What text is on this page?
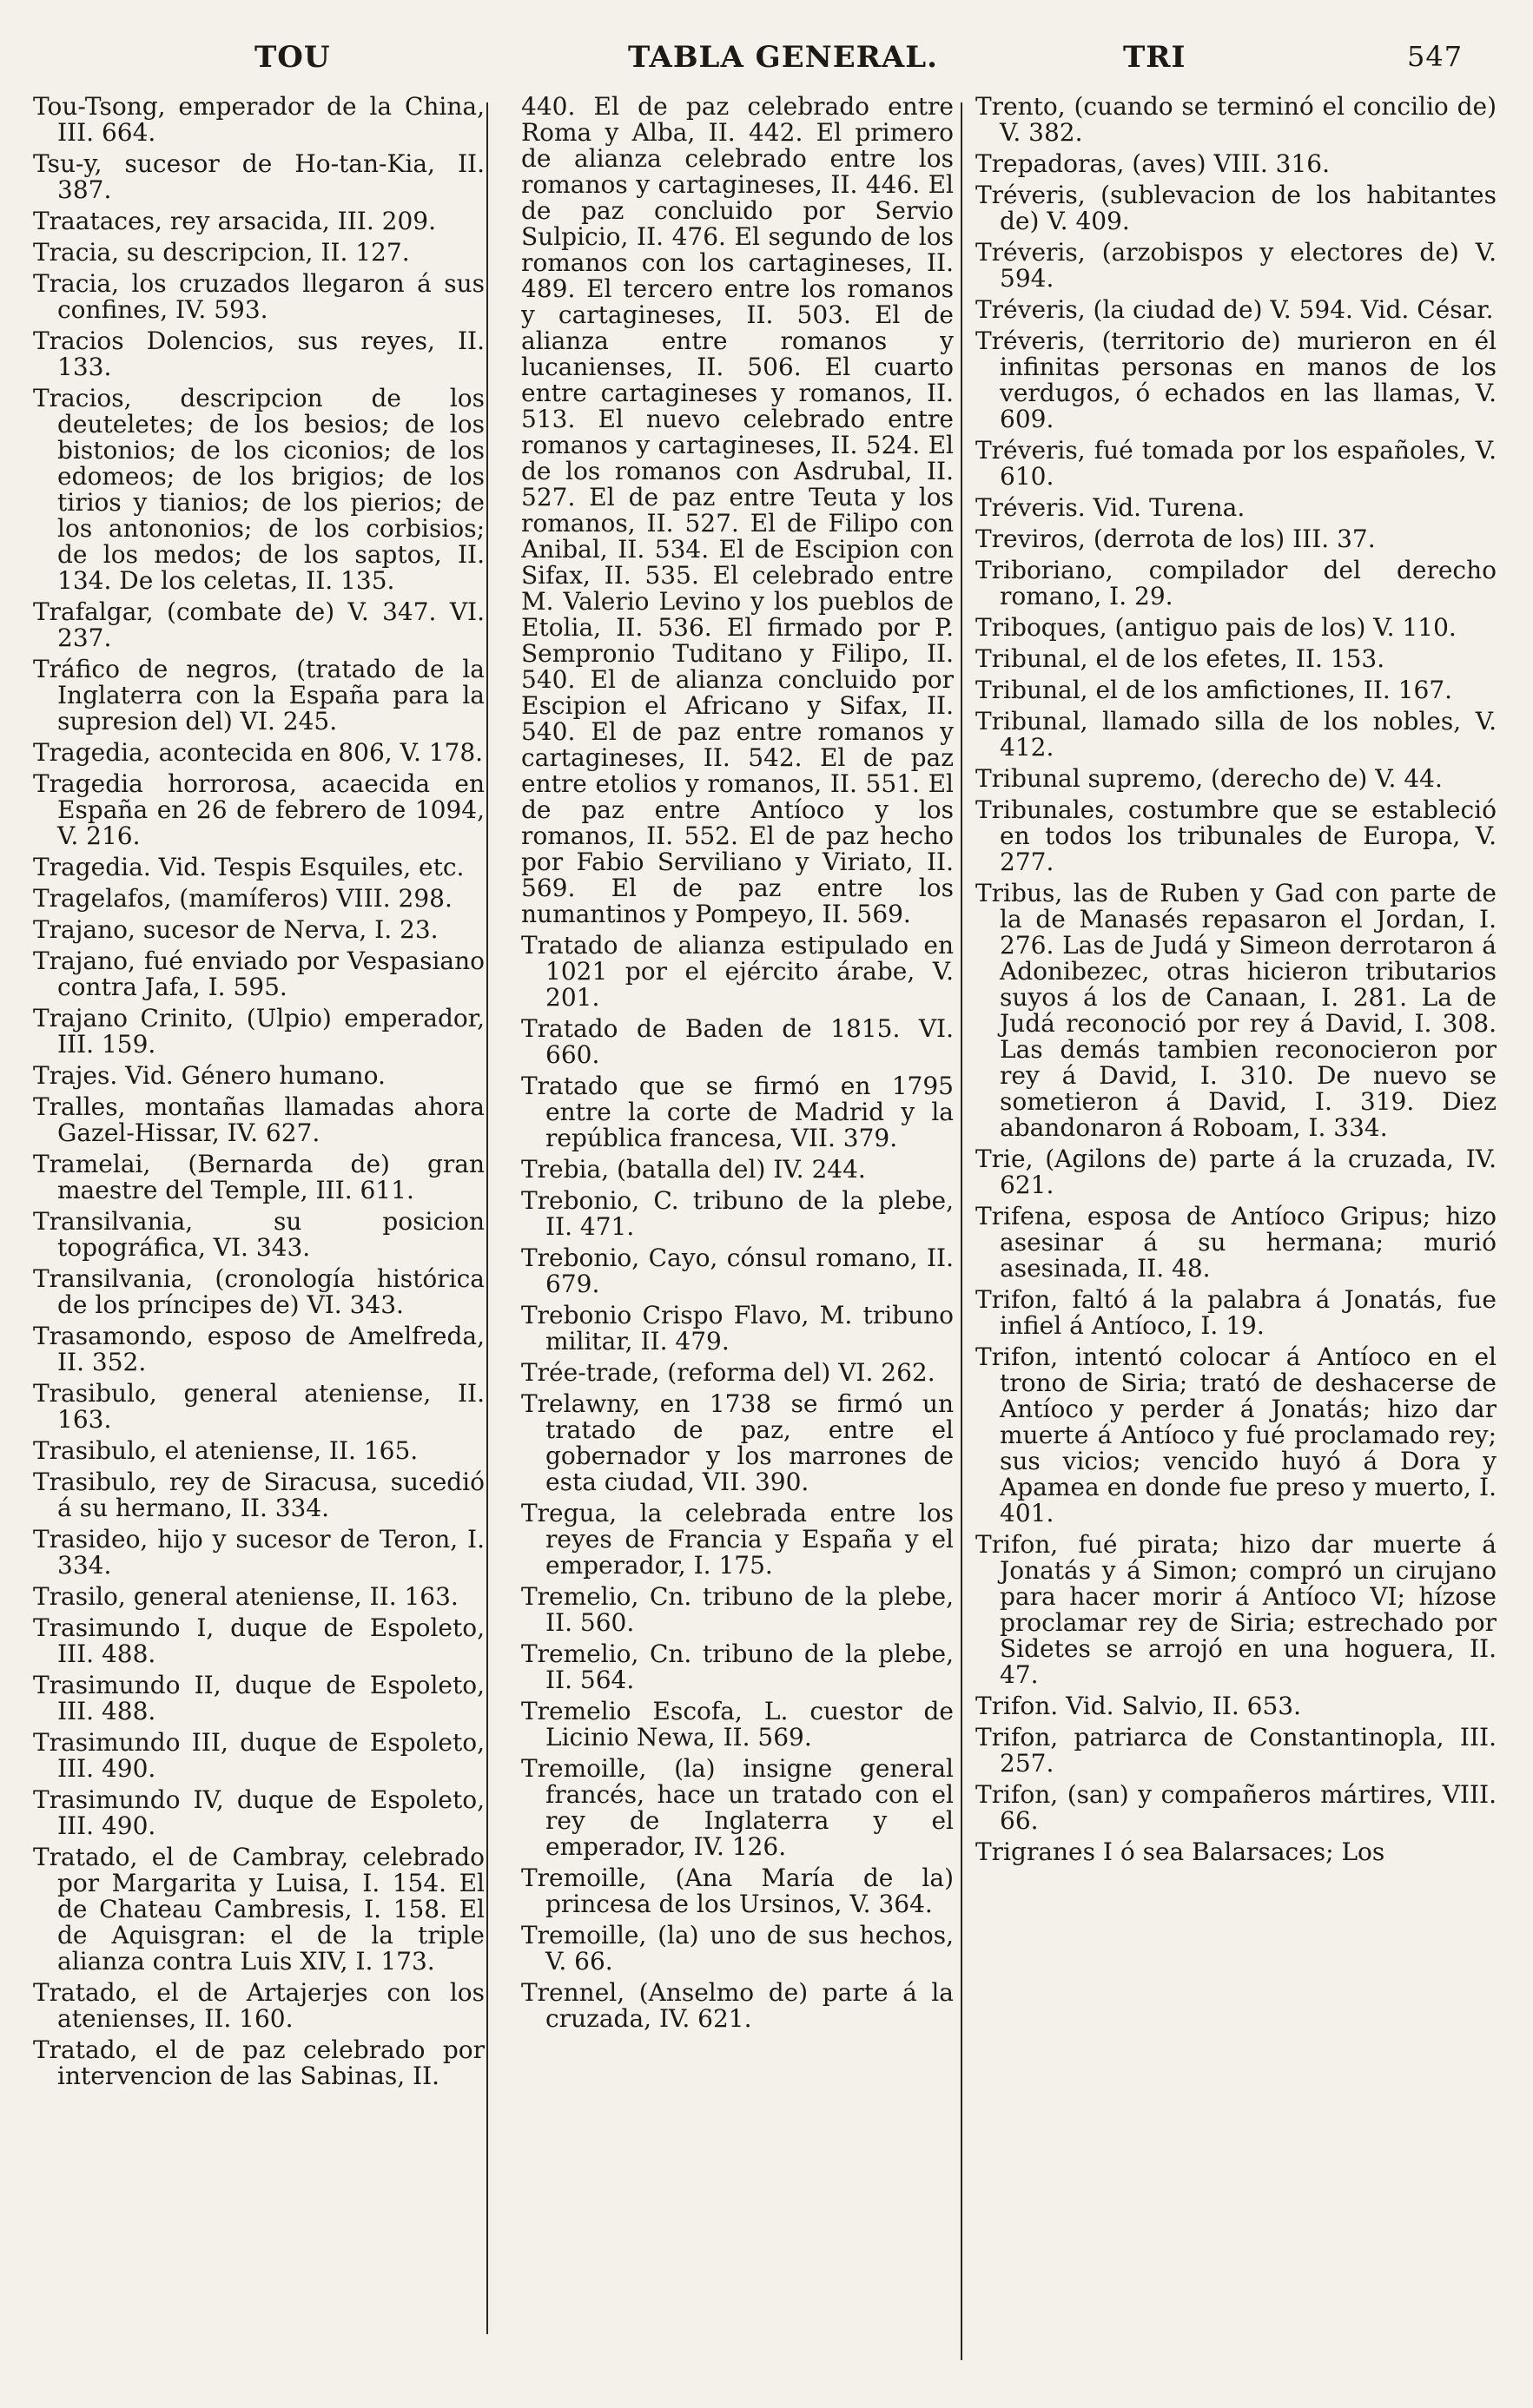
TOU	TABLA GENERAL.	TRI	547

Tou-Tsong, emperador de la China, III. 664.

Tsu-y, sucesor de Ho-tan-Kia, II. 387.

Traataces, rey arsacida, III. 209.

Tracia, su descripcion, II. 127.

Tracia, los cruzados llegaron á sus confines, IV. 593.

Tracios Dolencios, sus reyes, II. 133.

Tracios, descripcion de los deuteletes; de los besios; de los bistonios; de los ciconios; de los edomeos; de los brigios; de los tirios y tianios; de los pierios; de los antononios; de los corbisios; de los medos; de los saptos, II. 134. De los celetas, II. 135.

Trafalgar, (combate de) V. 347. VI. 237.

Tráfico de negros, (tratado de la Inglaterra con la España para la supresion del) VI. 245.

Tragedia, acontecida en 806, V. 178.

Tragedia horrorosa, acaecida en España en 26 de febrero de 1094, V. 216.

Tragedia. Vid. Tespis Esquiles, etc.

Tragelafos, (mamíferos) VIII. 298.

Trajano, sucesor de Nerva, I. 23.

Trajano, fué enviado por Vespasiano contra Jafa, I. 595.

Trajano Crinito, (Ulpio) emperador, III. 159.

Trajes. Vid. Género humano.

Tralles, montañas llamadas ahora Gazel-Hissar, IV. 627.

Tramelai, (Bernarda de) gran maestre del Temple, III. 611.

Transilvania, su posicion topográfica, VI. 343.

Transilvania, (cronología histórica de los príncipes de) VI. 343.

Trasamondo, esposo de Amelfreda, II. 352.

Trasibulo, general ateniense, II. 163.

Trasibulo, el ateniense, II. 165.

Trasibulo, rey de Siracusa, sucedió á su hermano, II. 334.

Trasideo, hijo y sucesor de Teron, I. 334.

Trasilo, general ateniense, II. 163.

Trasimundo I, duque de Espoleto, III. 488.

Trasimundo II, duque de Espoleto, III. 488.

Trasimundo III, duque de Espoleto, III. 490.

Trasimundo IV, duque de Espoleto, III. 490.

Tratado, el de Cambray, celebrado por Margarita y Luisa, I. 154. El de Chateau Cambresis, I. 158. El de Aquisgran: el de la triple alianza contra Luis XIV, I. 173.

Tratado, el de Artajerjes con los atenienses, II. 160.

Tratado, el de paz celebrado por intervencion de las Sabinas, II.

440. El de paz celebrado entre Roma y Alba, II. 442. El primero de alianza celebrado entre los romanos y cartagineses, II. 446. El de paz concluido por Servio Sulpicio, II. 476. El segundo de los romanos con los cartagineses, II. 489. El tercero entre los romanos y cartagineses, II. 503. El de alianza entre romanos y lucanienses, II. 506. El cuarto entre cartagineses y romanos, II. 513. El nuevo celebrado entre romanos y cartagineses, II. 524. El de los romanos con Asdrubal, II. 527. El de paz entre Teuta y los romanos, II. 527. El de Filipo con Anibal, II. 534. El de Escipion con Sifax, II. 535. El celebrado entre M. Valerio Levino y los pueblos de Etolia, II. 536. El firmado por P. Sempronio Tuditano y Filipo, II. 540. El de alianza concluido por Escipion el Africano y Sifax, II. 540. El de paz entre romanos y cartagineses, II. 542. El de paz entre etolios y romanos, II. 551. El de paz entre Antíoco y los romanos, II. 552. El de paz hecho por Fabio Serviliano y Viriato, II. 569. El de paz entre los numantinos y Pompeyo, II. 569.

Tratado de alianza estipulado en 1021 por el ejército árabe, V. 201.

Tratado de Baden de 1815. VI. 660.

Tratado que se firmó en 1795 entre la corte de Madrid y la república francesa, VII. 379.

Trebia, (batalla del) IV. 244.

Trebonio, C. tribuno de la plebe, II. 471.

Trebonio, Cayo, cónsul romano, II. 679.

Trebonio Crispo Flavo, M. tribuno militar, II. 479.

Trée-trade, (reforma del) VI. 262.

Trelawny, en 1738 se firmó un tratado de paz, entre el gobernador y los marrones de esta ciudad, VII. 390.

Tregua, la celebrada entre los reyes de Francia y España y el emperador, I. 175.

Tremelio, Cn. tribuno de la plebe, II. 560.

Tremelio, Cn. tribuno de la plebe, II. 564.

Tremelio Escofa, L. cuestor de Licinio Newa, II. 569.

Tremoille, (la) insigne general francés, hace un tratado con el rey de Inglaterra y el emperador, IV. 126.

Tremoille, (Ana María de la) princesa de los Ursinos, V. 364.

Tremoille, (la) uno de sus hechos, V. 66.

Trennel, (Anselmo de) parte á la cruzada, IV. 621.

Trento, (cuando se terminó el concilio de) V. 382.

Trepadoras, (aves) VIII. 316.

Tréveris, (sublevacion de los habitantes de) V. 409.

Tréveris, (arzobispos y electores de) V. 594.

Tréveris, (la ciudad de) V. 594. Vid. César.

Tréveris, (territorio de) murieron en él infinitas personas en manos de los verdugos, ó echados en las llamas, V. 609.

Tréveris, fué tomada por los españoles, V. 610.

Tréveris. Vid. Turena.

Treviros, (derrota de los) III. 37.

Triboriano, compilador del derecho romano, I. 29.

Triboques, (antiguo pais de los) V. 110.

Tribunal, el de los efetes, II. 153.

Tribunal, el de los amfictiones, II. 167.

Tribunal, llamado silla de los nobles, V. 412.

Tribunal supremo, (derecho de) V. 44.

Tribunales, costumbre que se estableció en todos los tribunales de Europa, V. 277.

Tribus, las de Ruben y Gad con parte de la de Manasés repasaron el Jordan, I. 276. Las de Judá y Simeon derrotaron á Adonibezec, otras hicieron tributarios suyos á los de Canaan, I. 281. La de Judá reconoció por rey á David, I. 308. Las demás tambien reconocieron por rey á David, I. 310. De nuevo se sometieron á David, I. 319. Diez abandonaron á Roboam, I. 334.

Trie, (Agilons de) parte á la cruzada, IV. 621.

Trifena, esposa de Antíoco Gripus; hizo asesinar á su hermana; murió asesinada, II. 48.

Trifon, faltó á la palabra á Jonatás, fue infiel á Antíoco, I. 19.

Trifon, intentó colocar á Antíoco en el trono de Siria; trató de deshacerse de Antíoco y perder á Jonatás; hizo dar muerte á Antíoco y fué proclamado rey; sus vicios; vencido huyó á Dora y Apamea en donde fue preso y muerto, I. 401.

Trifon, fué pirata; hizo dar muerte á Jonatás y á Simon; compró un cirujano para hacer morir á Antíoco VI; hízose proclamar rey de Siria; estrechado por Sidetes se arrojó en una hoguera, II. 47.

Trifon. Vid. Salvio, II. 653.

Trifon, patriarca de Constantinopla, III. 257.

Trifon, (san) y compañeros mártires, VIII. 66.

Trigranes I ó sea Balarsaces; Los
